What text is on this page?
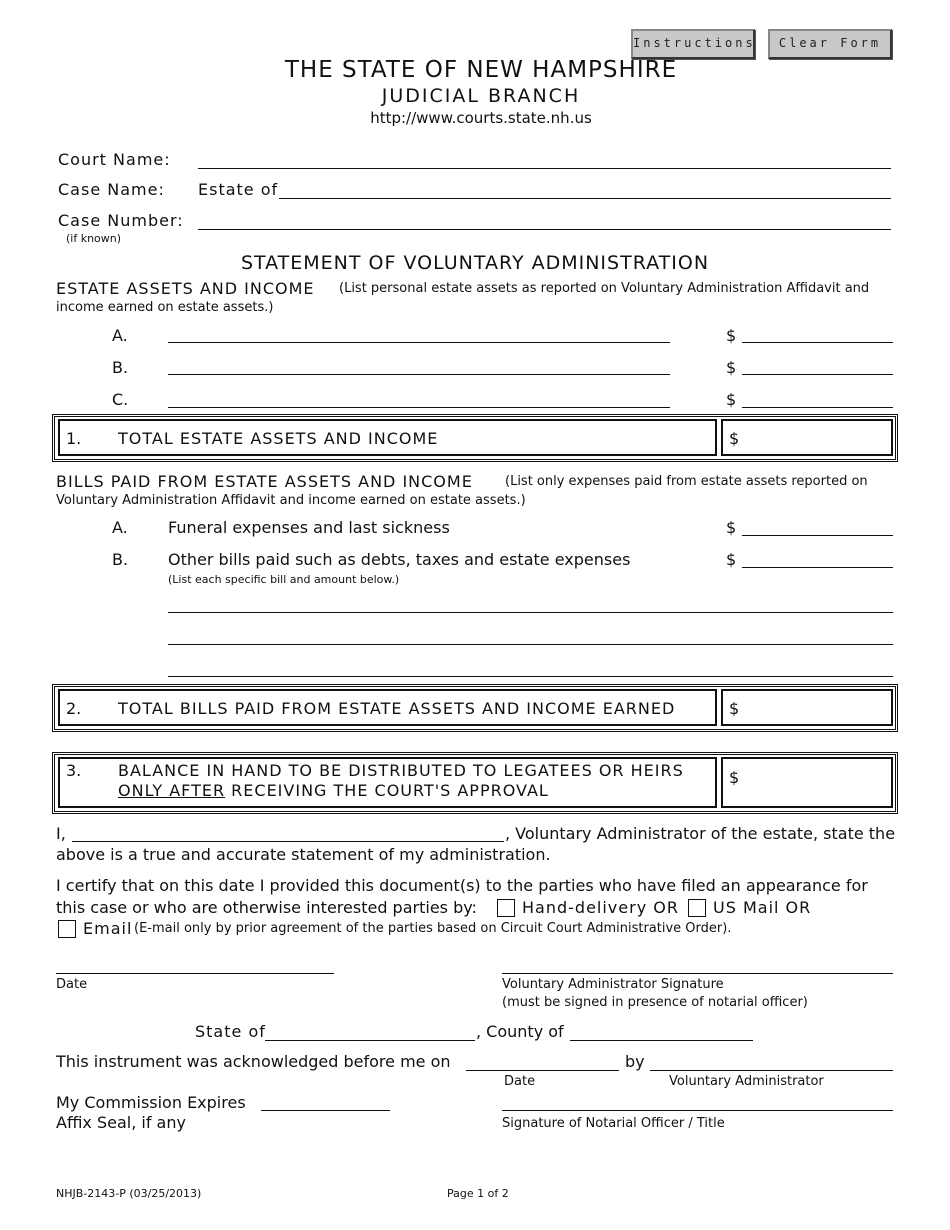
Instructions	Clear Form
THE STATE OF NEW HAMPSHIRE
JUDICIAL BRANCH
http://www.courts.state.nh.us
Court Name:
Case Name: Estate of
Case Number:
(if known)
STATEMENT OF VOLUNTARY ADMINISTRATION
ESTATE ASSETS AND INCOME (List personal estate assets as reported on Voluntary Administration Affidavit and
income earned on estate assets.)
A.	$
B.	$
C.	$
1. TOTAL ESTATE ASSETS AND INCOME	$
BILLS PAID FROM ESTATE ASSETS AND INCOME (List only expenses paid from estate assets reported on
Voluntary Administration Affidavit and income earned on estate assets.)
A.	Funeral expenses and last sickness	$
B. Other bills paid such as debts, taxes and estate expenses	$
(List each specific bill and amount below.)
2. TOTAL BILLS PAID FROM ESTATE ASSETS AND INCOME EARNED	$
3. BALANCE IN HAND TO BE DISTRIBUTED TO LEGATEES OR HEIRS
ONLY AFTER RECEIVING THE COURT'S APPROVAL
$
I,	, Voluntary Administrator of the estate, state the
above is a true and accurate statement of my administration.
I certify that on this date I provided this document(s) to the parties who have filed an appearance for
this case or who are otherwise interested parties by:	Hand-delivery OR US Mail OR
Email (E-mail only by prior agreement of the parties based on Circuit Court Administrative Order).
Date	Voluntary Administrator Signature
(must be signed in presence of notarial officer)
State of	, County of
This instrument was acknowledged before me on	by
Date	Voluntary Administrator
My Commission Expires
Affix Seal, if any	Signature of Notarial Officer / Title
NHJB-2143-P (03/25/2013)	Page 1 of 2
